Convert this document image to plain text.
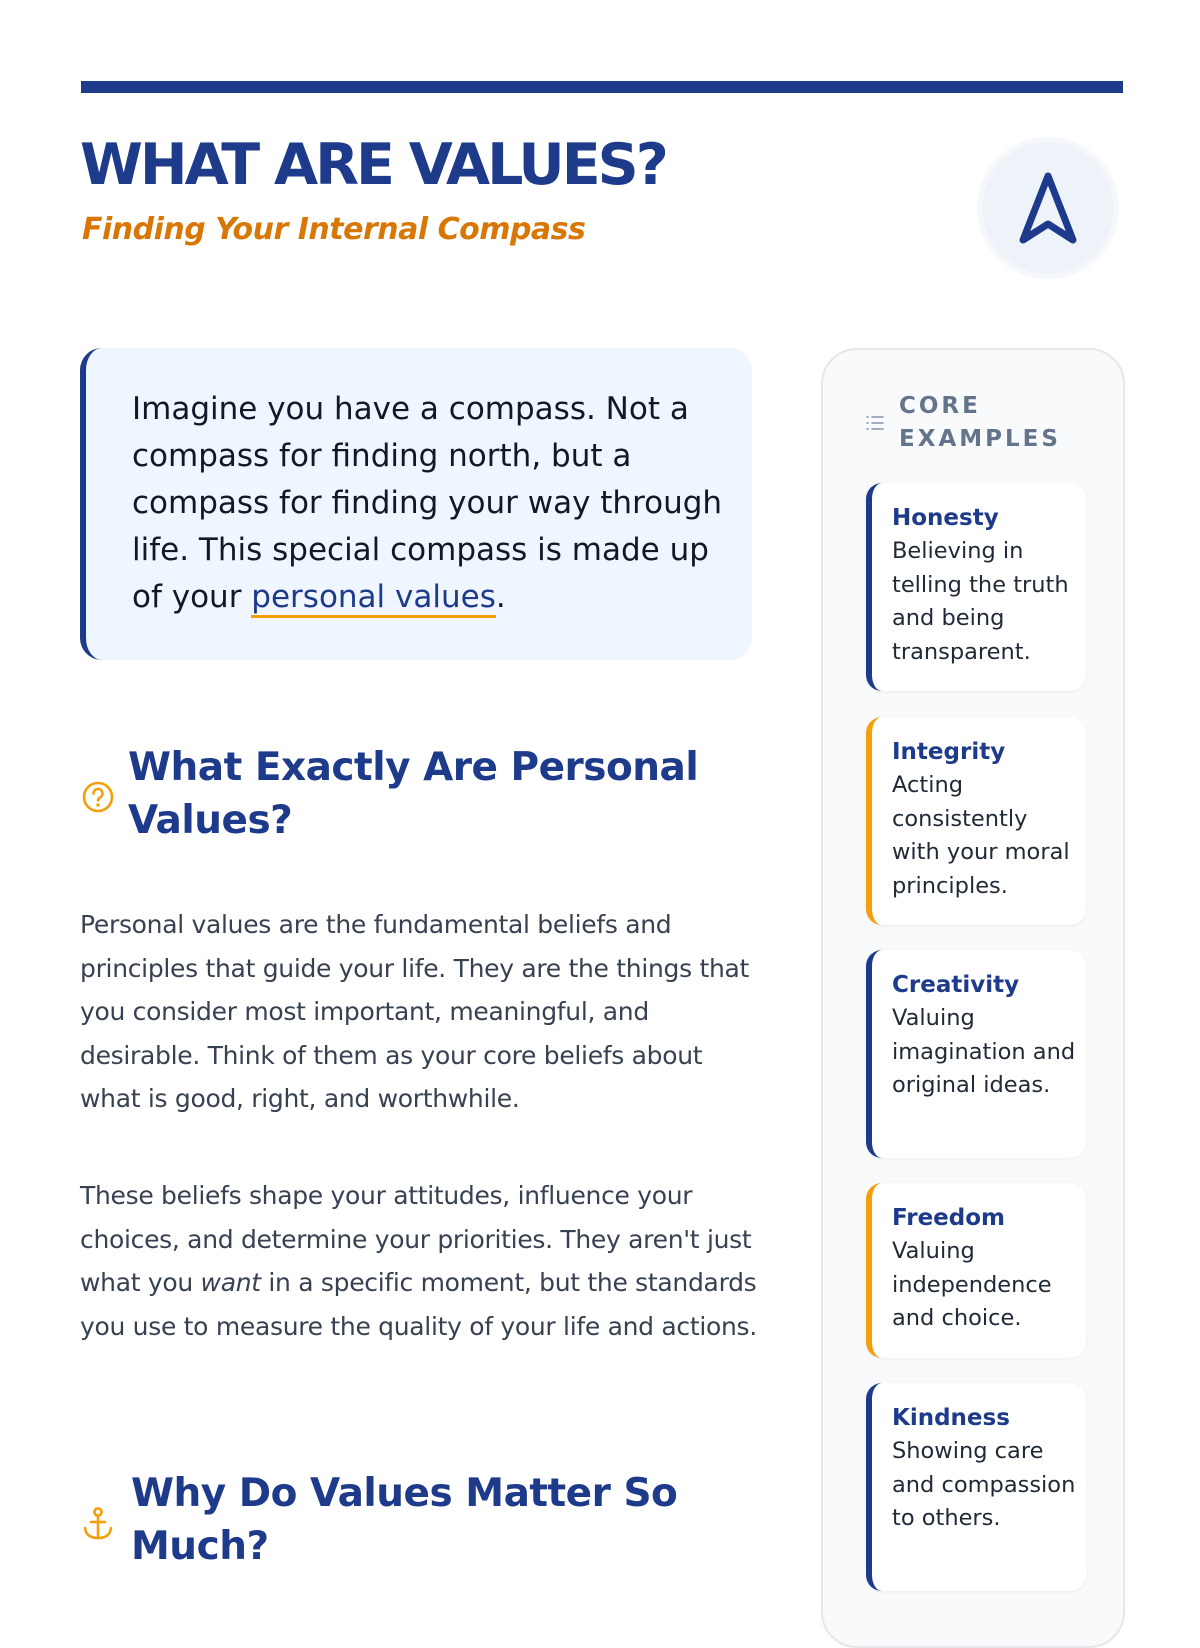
WHAT ARE VALUES?

Finding Your Internal Compass

Imagine you have a compass. Not a compass for finding north, but a compass for finding your way through life. This special compass is made up of your personal values.

What Exactly Are Personal Values?

Personal values are the fundamental beliefs and principles that guide your life. They are the things that you consider most important, meaningful, and desirable. Think of them as your core beliefs about what is good, right, and worthwhile.

These beliefs shape your attitudes, influence your choices, and determine your priorities. They aren't just what you want in a specific moment, but the standards you use to measure the quality of your life and actions.

Why Do Values Matter So Much?
CORE EXAMPLES
Honesty

Believing in telling the truth and being transparent.

Integrity

Acting consistently with your moral principles.

Creativity

Valuing imagination and original ideas.

Freedom

Valuing independence and choice.

Kindness

Showing care and compassion to others.
